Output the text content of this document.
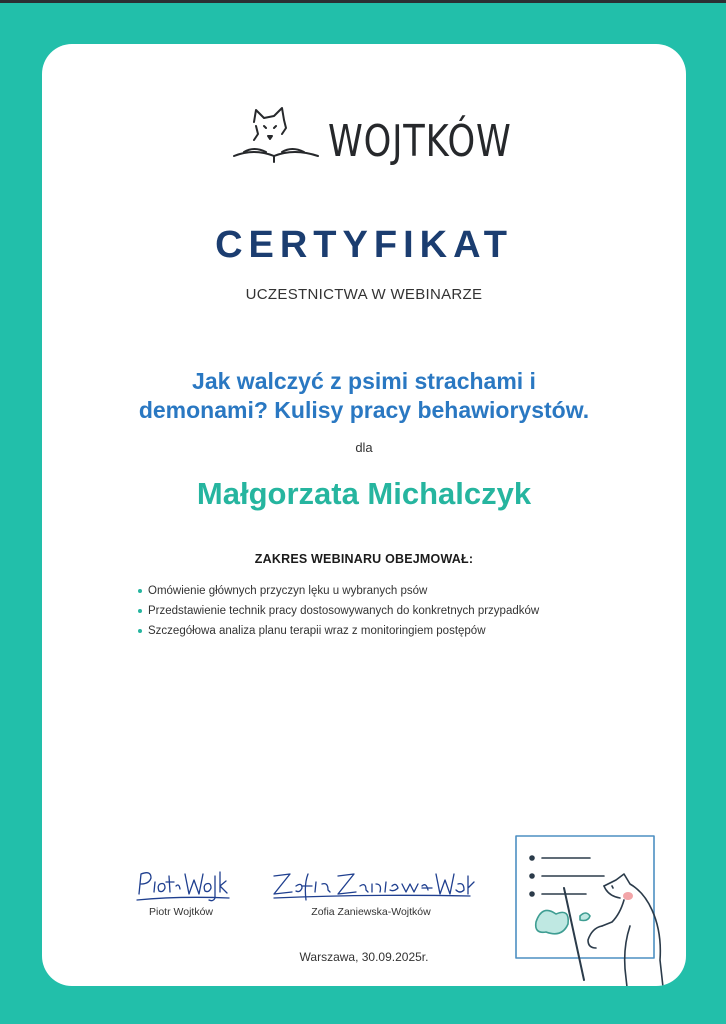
WOJTKÓW
CERTYFIKAT
UCZESTNICTWA W WEBINARZE
Jak walczyć z psimi strachami i
demonami? Kulisy pracy behawiorystów.
dla
Małgorzata Michalczyk
ZAKRES WEBINARU OBEJMOWAŁ:
Omówienie głównych przyczyn lęku u wybranych psów
Przedstawienie technik pracy dostosowywanych do konkretnych przypadków
Szczegółowa analiza planu terapii wraz z monitoringiem postępów
Piotr Wojtków	Zofia Zaniewska-Wojtków
Warszawa, 30.09.2025r.
